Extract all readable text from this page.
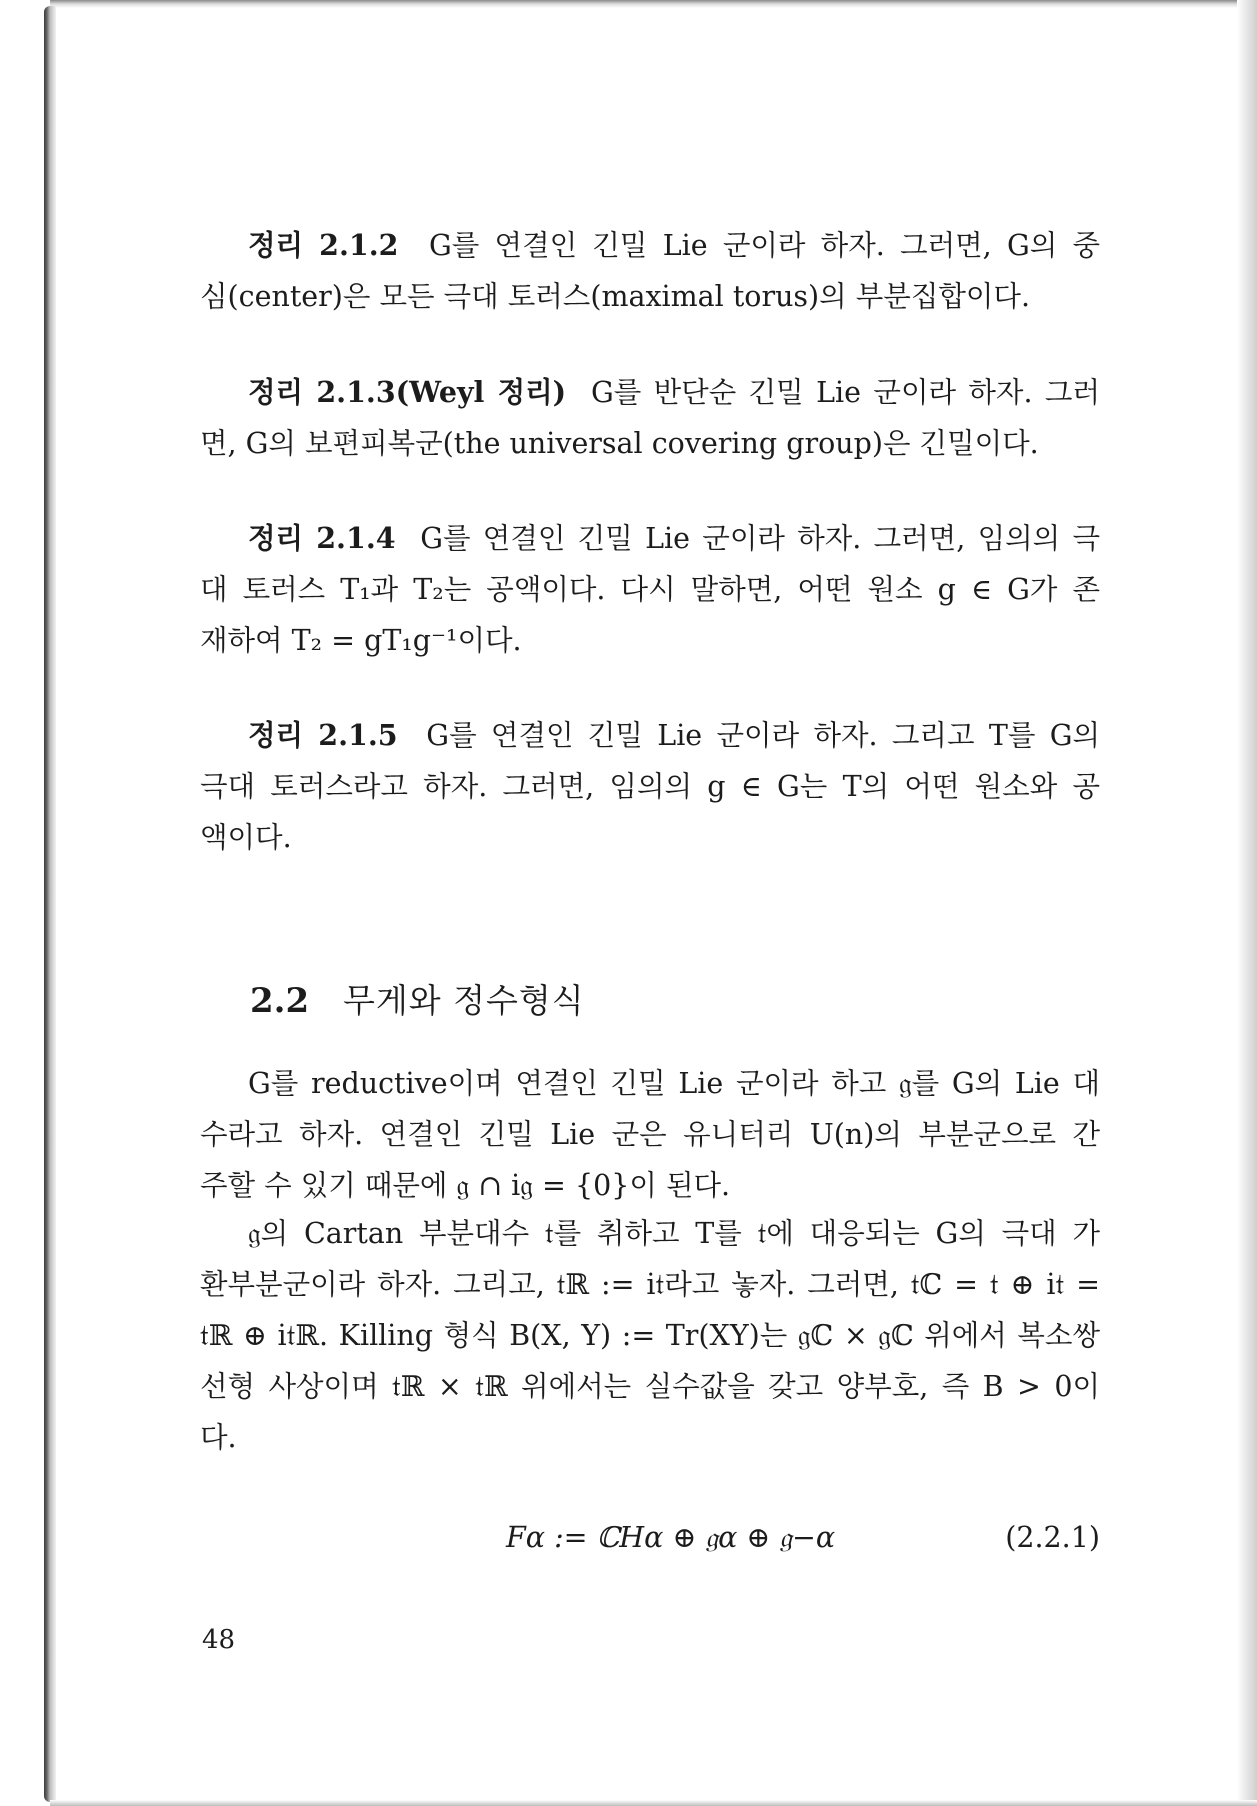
정리 2.1.2 G를 연결인 긴밀 Lie 군이라 하자. 그러면, G의 중
심(center)은 모든 극대 토러스(maximal torus)의 부분집합이다.
정리 2.1.3(Weyl 정리) G를 반단순 긴밀 Lie 군이라 하자. 그러
면, G의 보편피복군(the universal covering group)은 긴밀이다.
정리 2.1.4 G를 연결인 긴밀 Lie 군이라 하자. 그러면, 임의의 극
대 토러스 T₁과 T₂는 공액이다. 다시 말하면, 어떤 원소 g ∈ G가 존
재하여 T₂ = gT₁g⁻¹이다.
정리 2.1.5 G를 연결인 긴밀 Lie 군이라 하자. 그리고 T를 G의
극대 토러스라고 하자. 그러면, 임의의 g ∈ G는 T의 어떤 원소와 공
액이다.
2.2 무게와 정수형식
G를 reductive이며 연결인 긴밀 Lie 군이라 하고 𝔤를 G의 Lie 대
수라고 하자. 연결인 긴밀 Lie 군은 유니터리 U(n)의 부분군으로 간
주할 수 있기 때문에 𝔤 ∩ i𝔤 = {0}이 된다.
𝔤의 Cartan 부분대수 𝔱를 취하고 T를 𝔱에 대응되는 G의 극대 가
환부분군이라 하자. 그리고, 𝔱ℝ := i𝔱라고 놓자. 그러면, 𝔱ℂ = 𝔱 ⊕ i𝔱 =
𝔱ℝ ⊕ i𝔱ℝ. Killing 형식 B(X, Y) := Tr(XY)는 𝔤ℂ × 𝔤ℂ 위에서 복소쌍
선형 사상이며 𝔱ℝ × 𝔱ℝ 위에서는 실수값을 갖고 양부호, 즉 B > 0이
다.
Fα := ℂHα ⊕ 𝔤α ⊕ 𝔤−α	(2.2.1)
48
